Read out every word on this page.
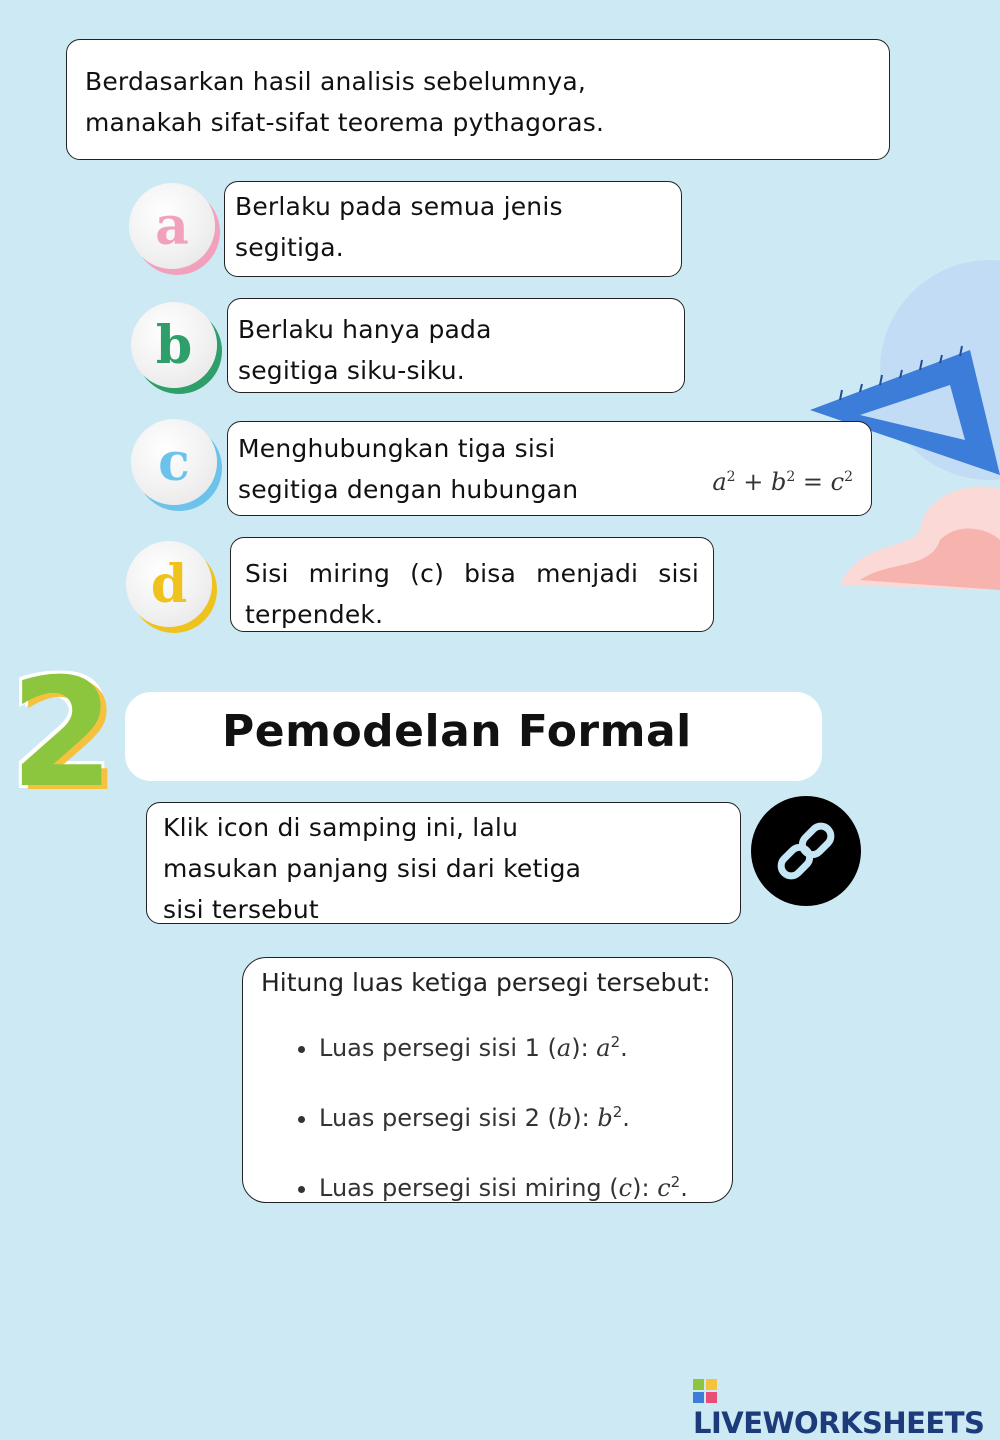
Berdasarkan hasil analisis sebelumnya,
manakah sifat-sifat teorema pythagoras.
a Berlaku pada semua jenis
segitiga.
b Berlaku hanya pada
segitiga siku-siku.
c Menghubungkan tiga sisi
segitiga dengan hubungan	$a^2 + b^2 = c^2$
d Sisi miring (c) bisa menjadi sisi
terpendek.
2	Pemodelan Formal
Klik icon di samping ini, lalu
masukan panjang sisi dari ketiga
sisi tersebut
Hitung luas ketiga persegi tersebut:
• Luas persegi sisi 1 (a): $a^2$.
• Luas persegi sisi 2 (b): $b^2$.
• Luas persegi sisi miring (c): $c^2$.
LIVEWORKSHEETS
